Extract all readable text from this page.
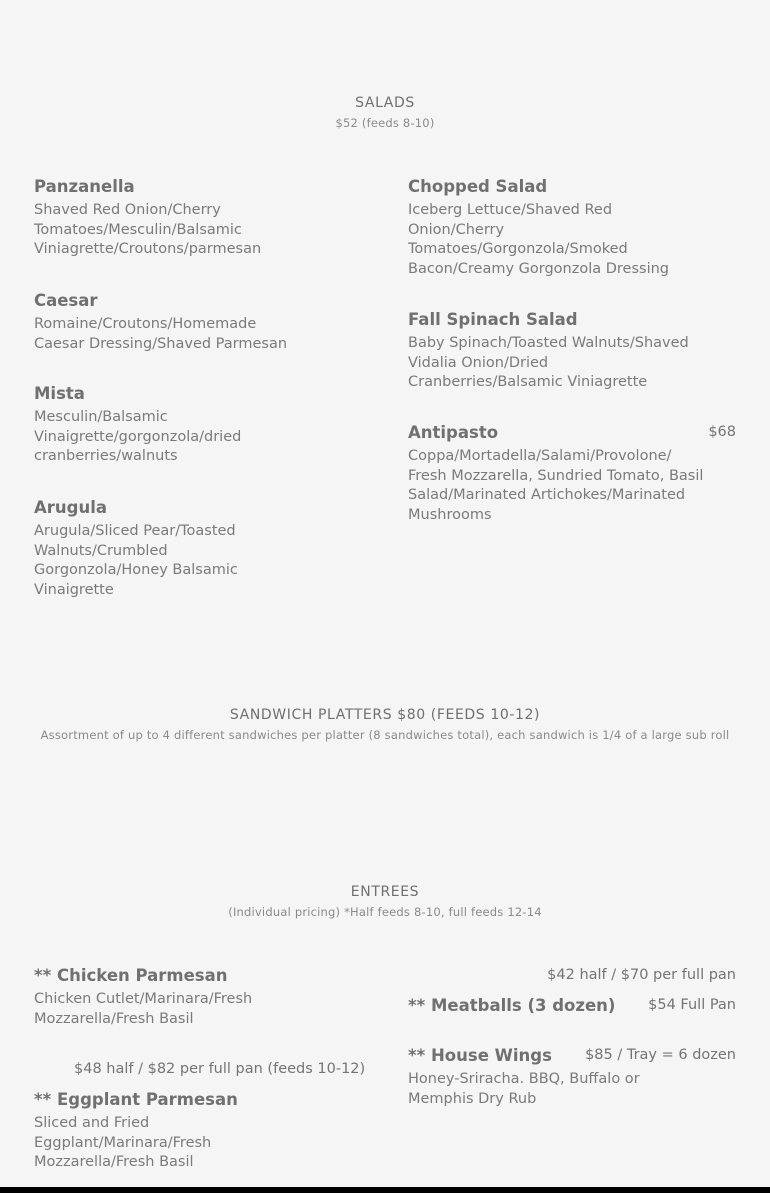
SALADS
$52 (feeds 8-10)
Panzanella
Shaved Red Onion/Cherry Tomatoes/Mesculin/Balsamic Viniagrette/Croutons/parmesan
Caesar
Romaine/Croutons/Homemade Caesar Dressing/Shaved Parmesan
Mista
Mesculin/Balsamic Vinaigrette/gorgonzola/dried cranberries/walnuts
Arugula
Arugula/Sliced Pear/Toasted Walnuts/Crumbled Gorgonzola/Honey Balsamic Vinaigrette
Chopped Salad
Iceberg Lettuce/Shaved Red Onion/Cherry Tomatoes/Gorgonzola/Smoked Bacon/Creamy Gorgonzola Dressing
Fall Spinach Salad
Baby Spinach/Toasted Walnuts/Shaved Vidalia Onion/Dried Cranberries/Balsamic Viniagrette
Antipasto
Coppa/Mortadella/Salami/Provolone/ Fresh Mozzarella, Sundried Tomato, Basil Salad/Marinated Artichokes/Marinated Mushrooms
$68
SANDWICH PLATTERS $80 (FEEDS 10-12)
Assortment of up to 4 different sandwiches per platter (8 sandwiches total), each sandwich is 1/4 of a large sub roll
ENTREES
(Individual pricing) *Half feeds 8-10, full feeds 12-14
** Chicken Parmesan
Chicken Cutlet/Marinara/Fresh Mozzarella/Fresh Basil
$48 half / $82 per full pan (feeds 10-12)
** Eggplant Parmesan
Sliced and Fried Eggplant/Marinara/Fresh Mozzarella/Fresh Basil
$42 half / $70 per full pan
** Meatballs (3 dozen)	$54 Full Pan
** House Wings
Honey-Sriracha. BBQ, Buffalo or Memphis Dry Rub
$85 / Tray = 6 dozen
